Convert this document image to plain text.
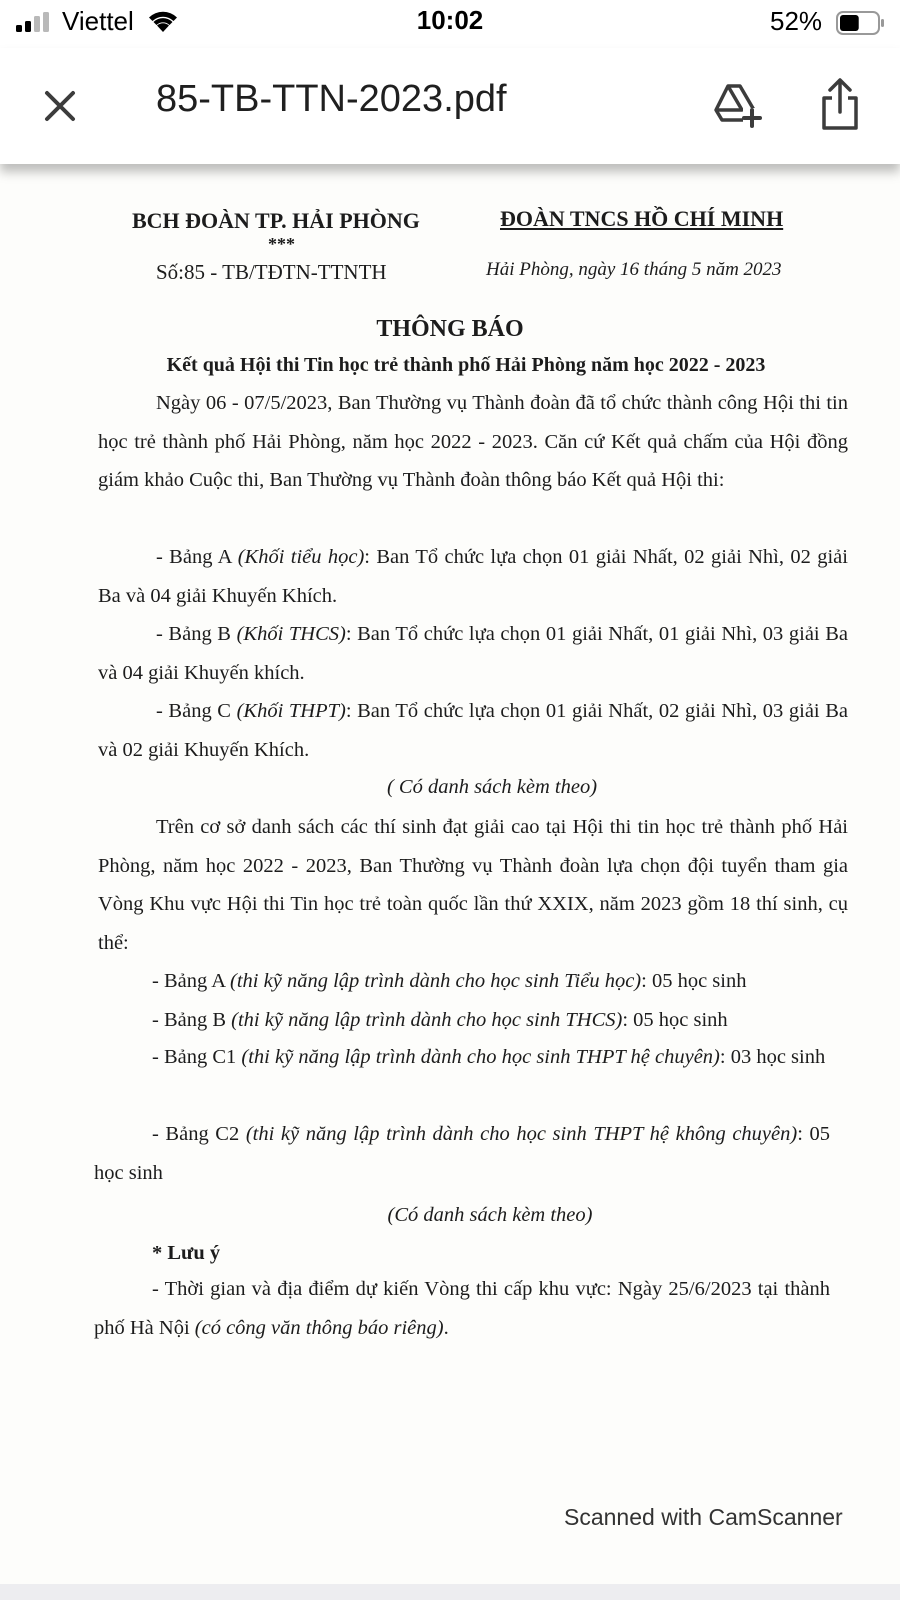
Viettel	10:02	52%
85-TB-TTN-2023.pdf
BCH ĐOÀN TP. HẢI PHÒNG
***
Số:85 - TB/TĐTN-TTNTH
ĐOÀN TNCS HỒ CHÍ MINH
Hải Phòng, ngày 16 tháng 5 năm 2023
THÔNG BÁO
Kết quả Hội thi Tin học trẻ thành phố Hải Phòng năm học 2022 - 2023
Ngày 06 - 07/5/2023, Ban Thường vụ Thành đoàn đã tổ chức thành công Hội thi tin học trẻ thành phố Hải Phòng, năm học 2022 - 2023. Căn cứ Kết quả chấm của Hội đồng giám khảo Cuộc thi, Ban Thường vụ Thành đoàn thông báo Kết quả Hội thi:
- Bảng A (Khối tiểu học): Ban Tổ chức lựa chọn 01 giải Nhất, 02 giải Nhì, 02 giải Ba và 04 giải Khuyến Khích.
- Bảng B (Khối THCS): Ban Tổ chức lựa chọn 01 giải Nhất, 01 giải Nhì, 03 giải Ba và 04 giải Khuyến khích.
- Bảng C (Khối THPT): Ban Tổ chức lựa chọn 01 giải Nhất, 02 giải Nhì, 03 giải Ba và 02 giải Khuyến Khích.
( Có danh sách kèm theo)
Trên cơ sở danh sách các thí sinh đạt giải cao tại Hội thi tin học trẻ thành phố Hải Phòng, năm học 2022 - 2023, Ban Thường vụ Thành đoàn lựa chọn đội tuyển tham gia Vòng Khu vực Hội thi Tin học trẻ toàn quốc lần thứ XXIX, năm 2023 gồm 18 thí sinh, cụ thể:
- Bảng A (thi kỹ năng lập trình dành cho học sinh Tiểu học): 05 học sinh
- Bảng B (thi kỹ năng lập trình dành cho học sinh THCS): 05 học sinh
- Bảng C1 (thi kỹ năng lập trình dành cho học sinh THPT hệ chuyên): 03 học sinh
- Bảng C2 (thi kỹ năng lập trình dành cho học sinh THPT hệ không chuyên): 05 học sinh
(Có danh sách kèm theo)
* Lưu ý
- Thời gian và địa điểm dự kiến Vòng thi cấp khu vực: Ngày 25/6/2023 tại thành phố Hà Nội (có công văn thông báo riêng).
Scanned with CamScanner
